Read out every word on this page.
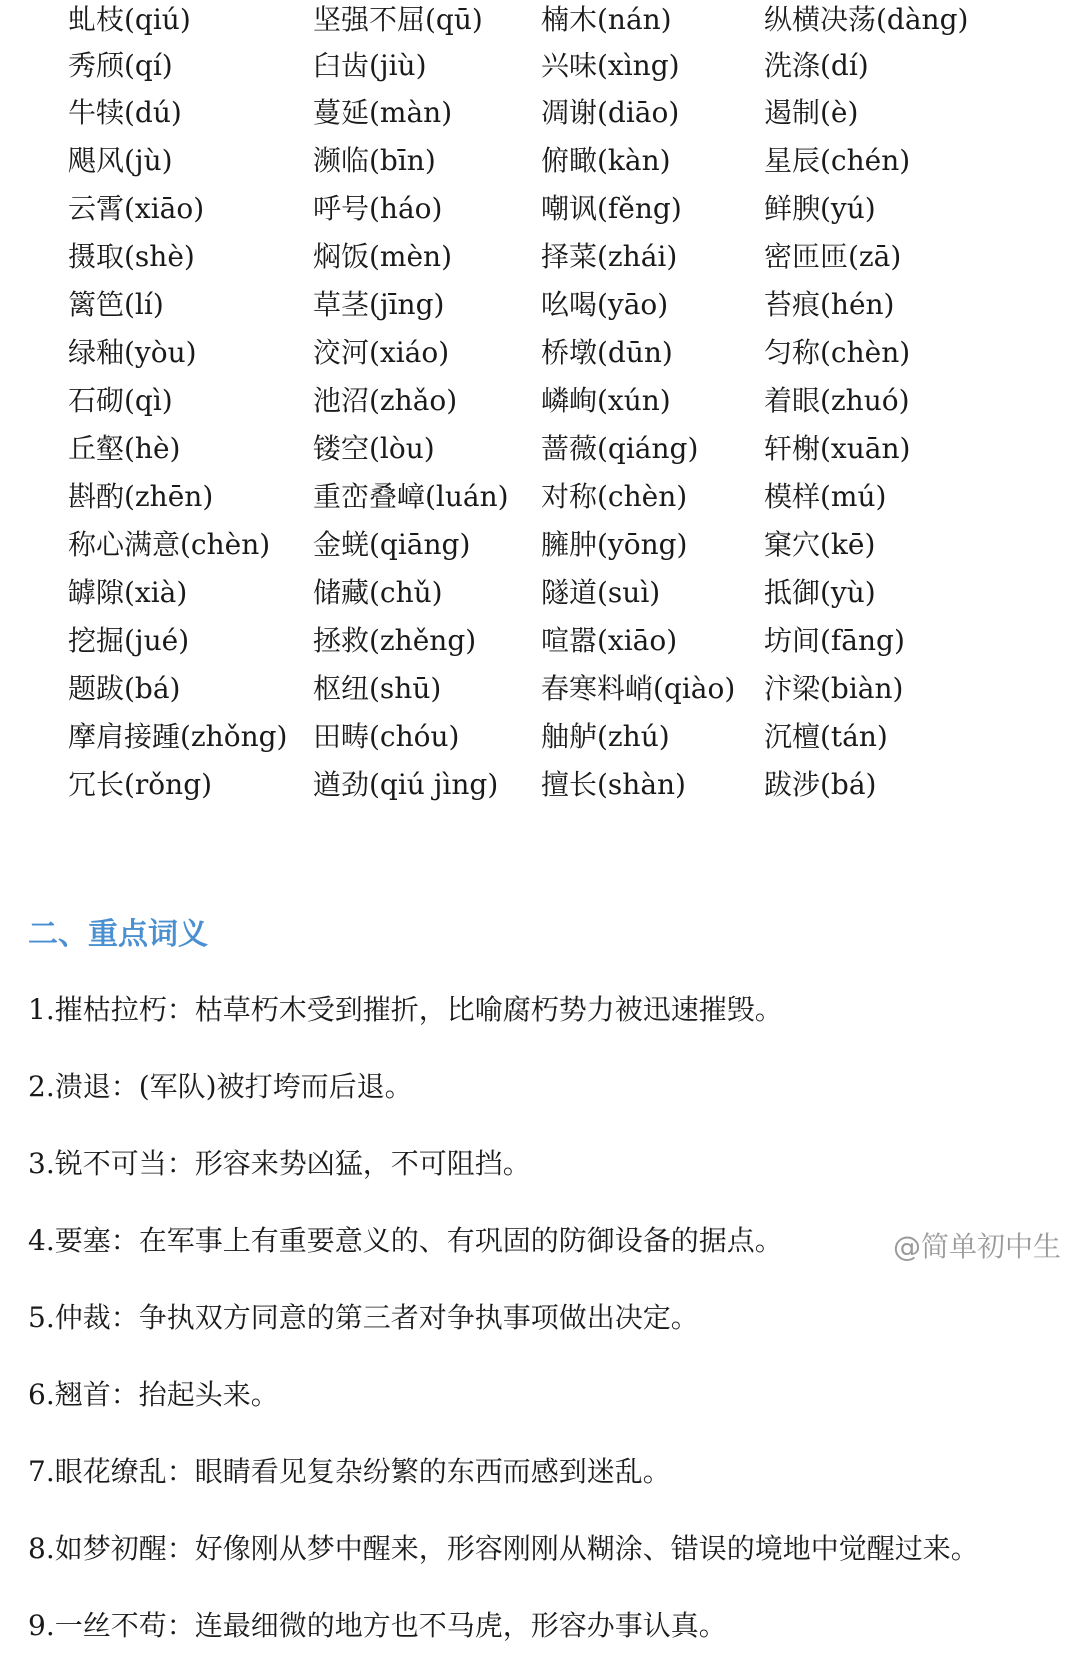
虬枝(qiú)	坚强不屈(qū) 楠木(nán)	纵横决荡(dàng)
秀颀(qí)	臼齿(jiù)	兴味(xìng)	洗涤(dí)
牛犊(dú)	蔓延(màn)	凋谢(diāo)	遏制(è)
飓风(jù)	濒临(bīn)	俯瞰(kàn)	星辰(chén)
云霄(xiāo)	呼号(háo)	嘲讽(fěng)	鲜腴(yú)
摄取(shè)	焖饭(mèn)	择菜(zhái)	密匝匝(zā)
篱笆(lí)	草茎(jīng)	吆喝(yāo)	苔痕(hén)
绿釉(yòu)	洨河(xiáo)	桥墩(dūn)	匀称(chèn)
石砌(qì)	池沼(zhǎo)	嶙峋(xún)	着眼(zhuó)
丘壑(hè)	镂空(lòu)	蔷薇(qiáng) 轩榭(xuān)
斟酌(zhēn)	重峦叠嶂(luán) 对称(chèn)	模样(mú)
称心满意(chèn) 金蜣(qiāng)	臃肿(yōng)	窠穴(kē)
罅隙(xià)	储藏(chǔ)	隧道(suì)	抵御(yù)
挖掘(jué)	拯救(zhěng) 喧嚣(xiāo)	坊间(fāng)
题跋(bá)	枢纽(shū)	春寒料峭(qiào) 汴梁(biàn)
摩肩接踵(zhǒng) 田畴(chóu)	舳舻(zhú)	沉檀(tán)
冗长(rǒng)	遒劲(qiú jìng) 擅长(shàn)	跋涉(bá)
二、重点词义
1.摧枯拉朽：枯草朽木受到摧折，比喻腐朽势力被迅速摧毁。
2.溃退：(军队)被打垮而后退。
3.锐不可当：形容来势凶猛，不可阻挡。
4.要塞：在军事上有重要意义的、有巩固的防御设备的据点。
5.仲裁：争执双方同意的第三者对争执事项做出决定。
6.翘首：抬起头来。
7.眼花缭乱：眼睛看见复杂纷繁的东西而感到迷乱。
8.如梦初醒：好像刚从梦中醒来，形容刚刚从糊涂、错误的境地中觉醒过来。
9.一丝不苟：连最细微的地方也不马虎，形容办事认真。
@简单初中生
